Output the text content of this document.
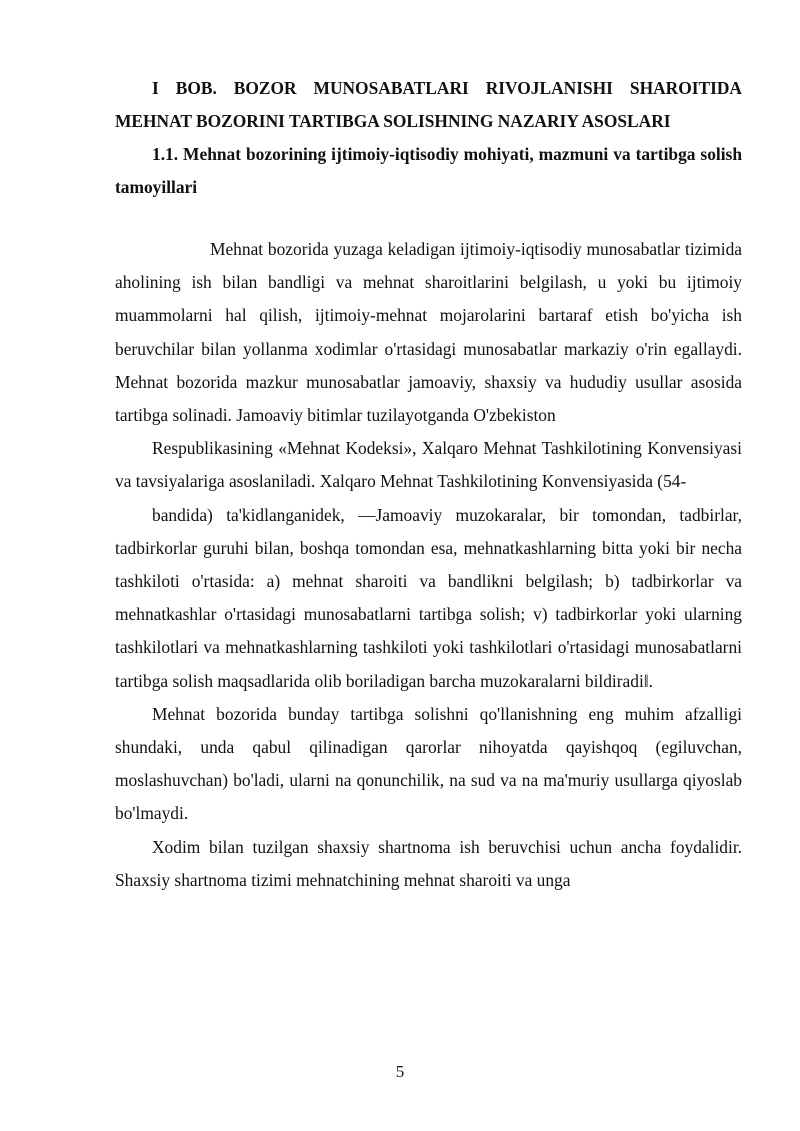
I BOB. BOZOR MUNOSABATLARI RIVOJLANISHI SHAROITIDA MEHNAT BOZORINI TARTIBGA SOLISHNING NAZARIY ASOSLARI
1.1. Mehnat bozorining ijtimoiy-iqtisodiy mohiyati, mazmuni va tartibga solish tamoyillari

Mehnat bozorida yuzaga keladigan ijtimoiy-iqtisodiy munosabatlar tizimida aholining ish bilan bandligi va mehnat sharoitlarini belgilash, u yoki bu ijtimoiy muammolarni hal qilish, ijtimoiy-mehnat mojarolarini bartaraf etish bo'yicha ish beruvchilar bilan yollanma xodimlar o'rtasidagi munosabatlar markaziy o'rin egallaydi. Mehnat bozorida mazkur munosabatlar jamoaviy, shaxsiy va hududiy usullar asosida tartibga solinadi. Jamoaviy bitimlar tuzilayotganda O'zbekiston

Respublikasining «Mehnat Kodeksi», Xalqaro Mehnat Tashkilotining Konvensiyasi va tavsiyalariga asoslaniladi. Xalqaro Mehnat Tashkilotining Konvensiyasida (54-

bandida) ta'kidlanganidek, ―Jamoaviy muzokaralar, bir tomondan, tadbirlar, tadbirkorlar guruhi bilan, boshqa tomondan esa, mehnatkashlarning bitta yoki bir necha tashkiloti o'rtasida: a) mehnat sharoiti va bandlikni belgilash; b) tadbirkorlar va mehnatkashlar o'rtasidagi munosabatlarni tartibga solish; v) tadbirkorlar yoki ularning tashkilotlari va mehnatkashlarning tashkiloti yoki tashkilotlari o'rtasidagi munosabatlarni tartibga solish maqsadlarida olib boriladigan barcha muzokaralarni bildiradi‖.

Mehnat bozorida bunday tartibga solishni qo'llanishning eng muhim afzalligi shundaki, unda qabul qilinadigan qarorlar nihoyatda qayishqoq (egiluvchan, moslashuvchan) bo'ladi, ularni na qonunchilik, na sud va na ma'muriy usullarga qiyoslab bo'lmaydi.

Xodim bilan tuzilgan shaxsiy shartnoma ish beruvchisi uchun ancha foydalidir. Shaxsiy shartnoma tizimi mehnatchining mehnat sharoiti va unga

5
